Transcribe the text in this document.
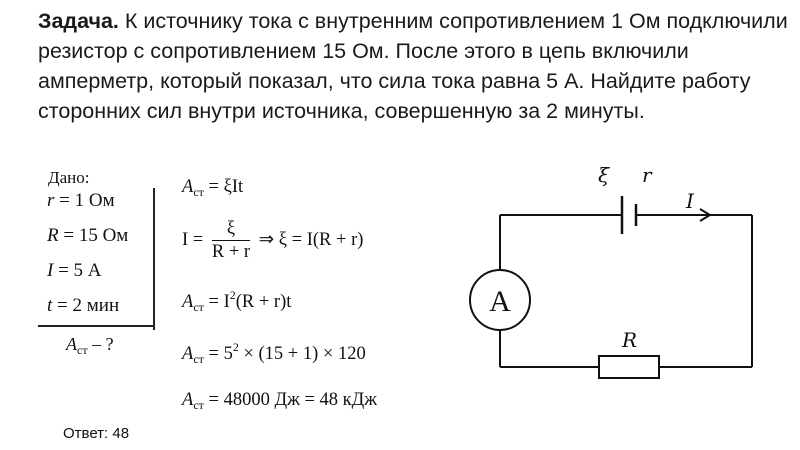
Задача. К источнику тока с внутренним сопротивлением 1 Ом подключили резистор с сопротивлением 15 Ом. После этого в цепь включили амперметр, который показал, что сила тока равна 5 А. Найдите работу сторонних сил внутри источника, совершенную за 2 минуты.
Дано:
r = 1 Ом
R = 15 Ом
I = 5 А
t = 2 мин
$A_{ст}$ – ?
$A_{ст} = \xi It$
$I = \frac{\xi}{R + r}$ ⇒ ξ = I(R + r)
$A_{ст} = I^2(R + r)t$
$A_{ст} = 5^2 \times (15 + 1) \times 120$
$A_{ст} = 48000$ Дж = 48 кДж
ξ r
I
A
R
Ответ: 48
